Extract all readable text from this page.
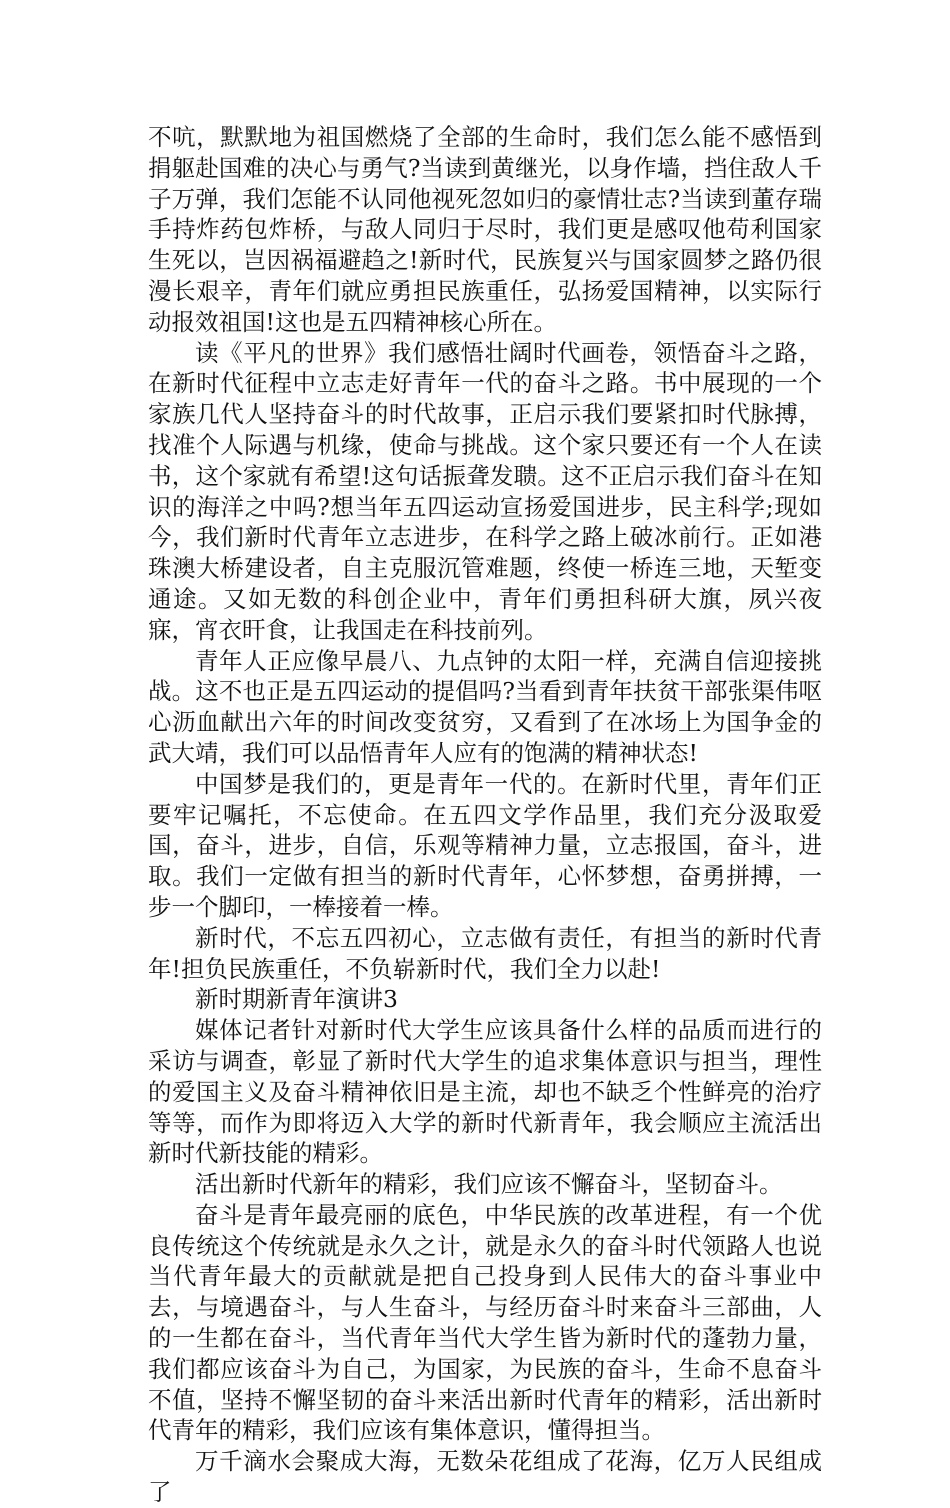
不吭，默默地为祖国燃烧了全部的生命时，我们怎么能不感悟到捐躯赴国难的决心与勇气?当读到黄继光，以身作墙，挡住敌人千子万弹，我们怎能不认同他视死忽如归的豪情壮志?当读到董存瑞手持炸药包炸桥，与敌人同归于尽时，我们更是感叹他苟利国家生死以，岂因祸福避趋之!新时代，民族复兴与国家圆梦之路仍很漫长艰辛，青年们就应勇担民族重任，弘扬爱国精神，以实际行动报效祖国!这也是五四精神核心所在。

读《平凡的世界》我们感悟壮阔时代画卷，领悟奋斗之路，在新时代征程中立志走好青年一代的奋斗之路。书中展现的一个家族几代人坚持奋斗的时代故事，正启示我们要紧扣时代脉搏，找准个人际遇与机缘，使命与挑战。这个家只要还有一个人在读书，这个家就有希望!这句话振聋发聩。这不正启示我们奋斗在知识的海洋之中吗?想当年五四运动宣扬爱国进步，民主科学;现如今，我们新时代青年立志进步，在科学之路上破冰前行。正如港珠澳大桥建设者，自主克服沉管难题，终使一桥连三地，天堑变通途。又如无数的科创企业中，青年们勇担科研大旗，夙兴夜寐，宵衣旰食，让我国走在科技前列。

青年人正应像早晨八、九点钟的太阳一样，充满自信迎接挑战。这不也正是五四运动的提倡吗?当看到青年扶贫干部张渠伟呕心沥血献出六年的时间改变贫穷，又看到了在冰场上为国争金的武大靖，我们可以品悟青年人应有的饱满的精神状态!

中国梦是我们的，更是青年一代的。在新时代里，青年们正要牢记嘱托，不忘使命。在五四文学作品里，我们充分汲取爱国，奋斗，进步，自信，乐观等精神力量，立志报国，奋斗，进取。我们一定做有担当的新时代青年，心怀梦想，奋勇拼搏，一步一个脚印，一棒接着一棒。

新时代，不忘五四初心，立志做有责任，有担当的新时代青年!担负民族重任，不负崭新时代，我们全力以赴!

新时期新青年演讲3

媒体记者针对新时代大学生应该具备什么样的品质而进行的采访与调查，彰显了新时代大学生的追求集体意识与担当，理性的爱国主义及奋斗精神依旧是主流，却也不缺乏个性鲜亮的治疗等等，而作为即将迈入大学的新时代新青年，我会顺应主流活出新时代新技能的精彩。

活出新时代新年的精彩，我们应该不懈奋斗，坚韧奋斗。

奋斗是青年最亮丽的底色，中华民族的改革进程，有一个优良传统这个传统就是永久之计，就是永久的奋斗时代领路人也说当代青年最大的贡献就是把自己投身到人民伟大的奋斗事业中去，与境遇奋斗，与人生奋斗，与经历奋斗时来奋斗三部曲，人的一生都在奋斗，当代青年当代大学生皆为新时代的蓬勃力量，我们都应该奋斗为自己，为国家，为民族的奋斗，生命不息奋斗不值，坚持不懈坚韧的奋斗来活出新时代青年的精彩，活出新时代青年的精彩，我们应该有集体意识，懂得担当。

万千滴水会聚成大海，无数朵花组成了花海，亿万人民组成了
